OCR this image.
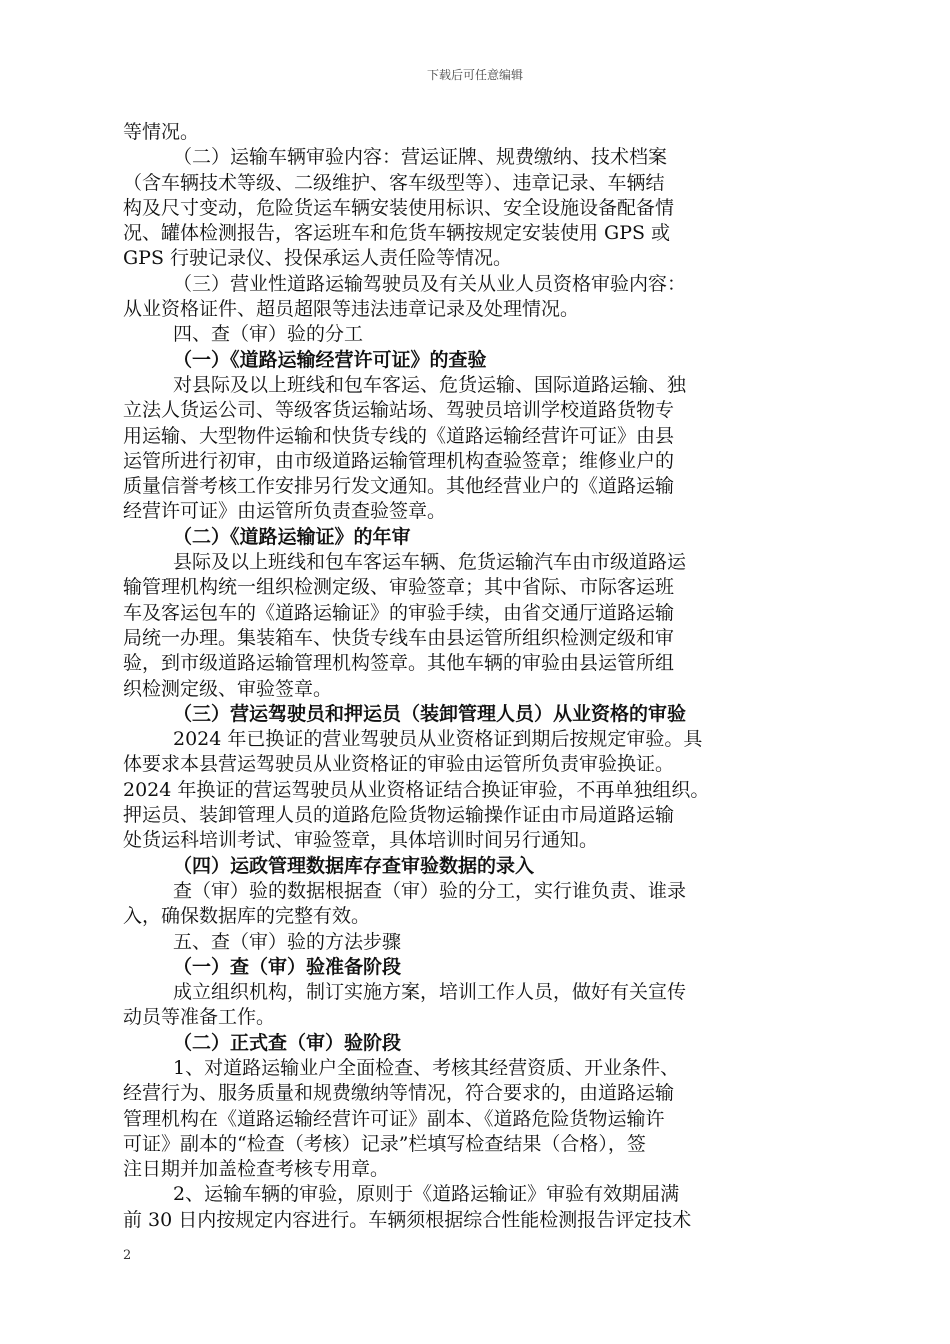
下载后可任意编辑
等情况。
（二）运输车辆审验内容：营运证牌、规费缴纳、技术档案
（含车辆技术等级、二级维护、客车级型等）、违章记录、车辆结
构及尺寸变动，危险货运车辆安装使用标识、安全设施设备配备情
况、罐体检测报告，客运班车和危货车辆按规定安装使用 GPS 或
GPS 行驶记录仪、投保承运人责任险等情况。
（三）营业性道路运输驾驶员及有关从业人员资格审验内容：
从业资格证件、超员超限等违法违章记录及处理情况。
四、查（审）验的分工
（一）《道路运输经营许可证》的查验
对县际及以上班线和包车客运、危货运输、国际道路运输、独
立法人货运公司、等级客货运输站场、驾驶员培训学校道路货物专
用运输、大型物件运输和快货专线的《道路运输经营许可证》由县
运管所进行初审，由市级道路运输管理机构查验签章；维修业户的
质量信誉考核工作安排另行发文通知。其他经营业户的《道路运输
经营许可证》由运管所负责查验签章。
（二）《道路运输证》的年审
县际及以上班线和包车客运车辆、危货运输汽车由市级道路运
输管理机构统一组织检测定级、审验签章；其中省际、市际客运班
车及客运包车的《道路运输证》的审验手续，由省交通厅道路运输
局统一办理。集装箱车、快货专线车由县运管所组织检测定级和审
验，到市级道路运输管理机构签章。其他车辆的审验由县运管所组
织检测定级、审验签章。
（三）营运驾驶员和押运员（装卸管理人员）从业资格的审验
2024 年已换证的营业驾驶员从业资格证到期后按规定审验。具
体要求本县营运驾驶员从业资格证的审验由运管所负责审验换证。
2024 年换证的营运驾驶员从业资格证结合换证审验，不再单独组织。
押运员、装卸管理人员的道路危险货物运输操作证由市局道路运输
处货运科培训考试、审验签章，具体培训时间另行通知。
（四）运政管理数据库存查审验数据的录入
查（审）验的数据根据查（审）验的分工，实行谁负责、谁录
入，确保数据库的完整有效。
五、查（审）验的方法步骤
（一）查（审）验准备阶段
成立组织机构，制订实施方案，培训工作人员，做好有关宣传
动员等准备工作。
（二）正式查（审）验阶段
1、对道路运输业户全面检查、考核其经营资质、开业条件、
经营行为、服务质量和规费缴纳等情况，符合要求的，由道路运输
管理机构在《道路运输经营许可证》副本、《道路危险货物运输许
可证》副本的“检查（考核）记录”栏填写检查结果（合格），签
注日期并加盖检查考核专用章。
2、运输车辆的审验，原则于《道路运输证》审验有效期届满
前 30 日内按规定内容进行。车辆须根据综合性能检测报告评定技术
2
